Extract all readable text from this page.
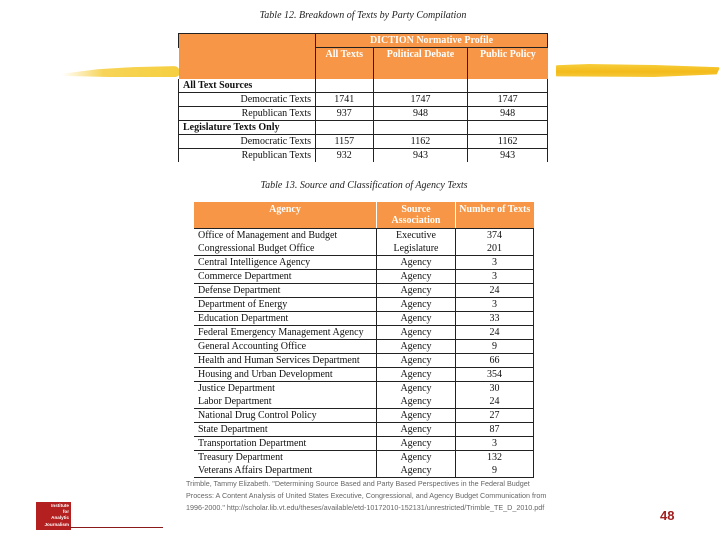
Table 12. Breakdown of Texts by Party Compilation
	DICTION Normative Profile		
	All Texts	Political Debate	Public Policy
All Text Sources			
Democratic Texts	1741	1747	1747
Republican Texts	937	948	948
Legislature Texts Only			
Democratic Texts	1157	1162	1162
Republican Texts	932	943	943
Table 13. Source and Classification of Agency Texts
Agency	Source Association	Number of Texts
Office of Management and Budget	Executive	374
Congressional Budget Office	Legislature	201
Central Intelligence Agency	Agency	3
Commerce Department	Agency	3
Defense Department	Agency	24
Department of Energy	Agency	3
Education Department	Agency	33
Federal Emergency Management Agency	Agency	24
General Accounting Office	Agency	9
Health and Human Services Department	Agency	66
Housing and Urban Development	Agency	354
Justice Department	Agency	30
Labor Department	Agency	24
National Drug Control Policy	Agency	27
State Department	Agency	87
Transportation Department	Agency	3
Treasury Department	Agency	132
Veterans Affairs Department	Agency	9
Trimble, Tammy Elizabeth. "Determining Source Based and Party Based Perspectives in the Federal Budget Process: A Content Analysis of United States Executive, Congressional, and Agency Budget Communication from 1996-2000." http://scholar.lib.vt.edu/theses/available/etd-10172010-152131/unrestricted/Trimble_TE_D_2010.pdf
Institute
for
Analytic
Journalism
48
